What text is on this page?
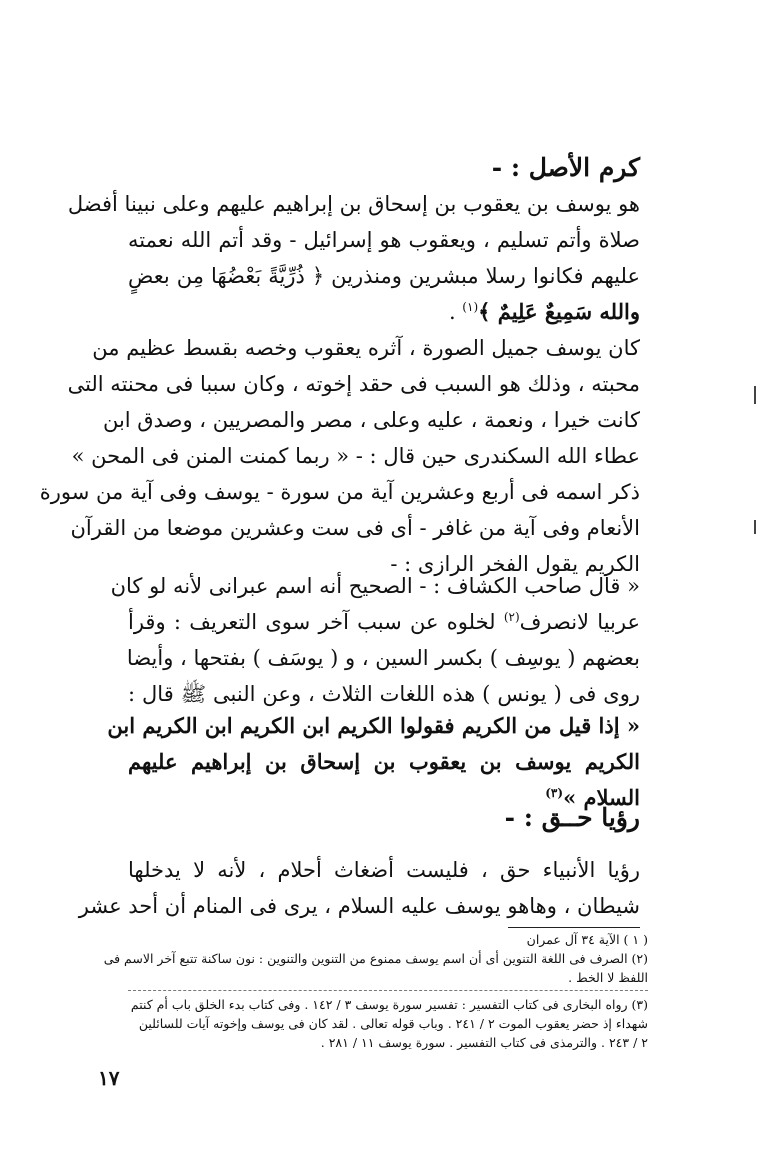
كرم الأصل : -
هو يوسف بن يعقوب بن إسحاق بن إبراهيم عليهم وعلى نبينا أفضل
صلاة وأتم تسليم ، ويعقوب هو إسرائيل - وقد أتم الله نعمته
عليهم فكانوا رسلا مبشرين ومنذرين ﴿ ذُرِّيَّةً بَعْضُهَا مِن بعضٍ
والله سَمِيعٌ عَلِيمٌ ﴾$^{(١)}$ .
كان يوسف جميل الصورة ، آثره يعقوب وخصه بقسط عظيم من
محبته ، وذلك هو السبب فى حقد إخوته ، وكان سببا فى محنته التى
كانت خيرا ، ونعمة ، عليه وعلى ، مصر والمصريين ، وصدق ابن
عطاء الله السكندرى حين قال : - « ربما كمنت المنن فى المحن »
ذكر اسمه فى أربع وعشرين آية من سورة - يوسف وفى آية من سورة
الأنعام وفى آية من غافر - أى فى ست وعشرين موضعا من القرآن
الكريم يقول الفخر الرازى : -
« قال صاحب الكشاف : - الصحيح أنه اسم عبرانى لأنه لو كان
عربيا لانصرف$^{(٢)}$ لخلوه عن سبب آخر سوى التعريف : وقرأ
بعضهم ( يوسِف ) بكسر السين ، و ( يوسَف ) بفتحها ، وأيضا
روى فى ( يونس ) هذه اللغات الثلاث ، وعن النبى ﷺ قال :
« إذا قيل من الكريم فقولوا الكريم ابن الكريم ابن الكريم ابن
الكريم يوسف بن يعقوب بن إسحاق بن إبراهيم عليهم
السلام »$^{(٣)}$
رؤيا حــق : -
رؤيا الأنبياء حق ، فليست أضغاث أحلام ، لأنه لا يدخلها
شيطان ، وهاهو يوسف عليه السلام ، يرى فى المنام أن أحد عشر
( ١ ) الآية ٣٤ آل عمران
(٢) الصرف فى اللغة التنوين أى أن اسم يوسف ممنوع من التنوين والتنوين : نون ساكنة تتبع آخر الاسم فى
اللفظ لا الخط .
(٣) رواه البخارى فى كتاب التفسير : تفسير سورة يوسف ٣ / ١٤٢ . وفى كتاب بدء الخلق باب أم كنتم
شهداء إذ حضر يعقوب الموت ٢ / ٢٤١ . وباب قوله تعالى . لقد كان فى يوسف وإخوته آيات للسائلين
٢ / ٢٤٣ . والترمذى فى كتاب التفسير . سورة يوسف ١١ / ٢٨١ .
١٧
